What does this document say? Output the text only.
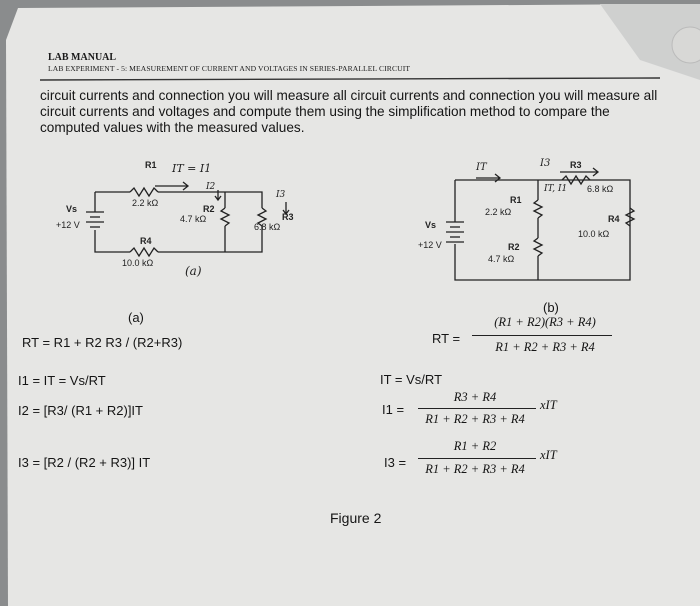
LAB MANUAL
LAB EXPERIMENT - 5: MEASUREMENT OF CURRENT AND VOLTAGES IN SERIES-PARALLEL CIRCUIT
circuit currents and connection you will measure all circuit currents and connection you will measure all circuit currents and voltages and compute them using the simplification method to compare the computed values with the measured values.
R1 IT = I1
2.2 kΩ
Vs
+12 V
I2
R2
4.7 kΩ
I3
R3
6.8 kΩ
R4
10.0 kΩ
(a)
IT	I3 R3
IT, I1 6.8 kΩ
R1
2.2 kΩ
R4
10.0 kΩ
Vs
+12 V	R2
4.7 kΩ
(a)
RT = R1 + R2 R3 / (R2+R3)
I1 = IT = Vs/RT
I2 = [R3/ (R1 + R2)]IT
I3 = [R2 / (R2 + R3)] IT
(b)
RT =
(R1 + R2)(R3 + R4)
R1 + R2 + R3 + R4
IT = Vs/RT
I1 =
R3 + R4
R1 + R2 + R3 + R4
xIT
I3 =
R1 + R2
R1 + R2 + R3 + R4
xIT
Figure 2
